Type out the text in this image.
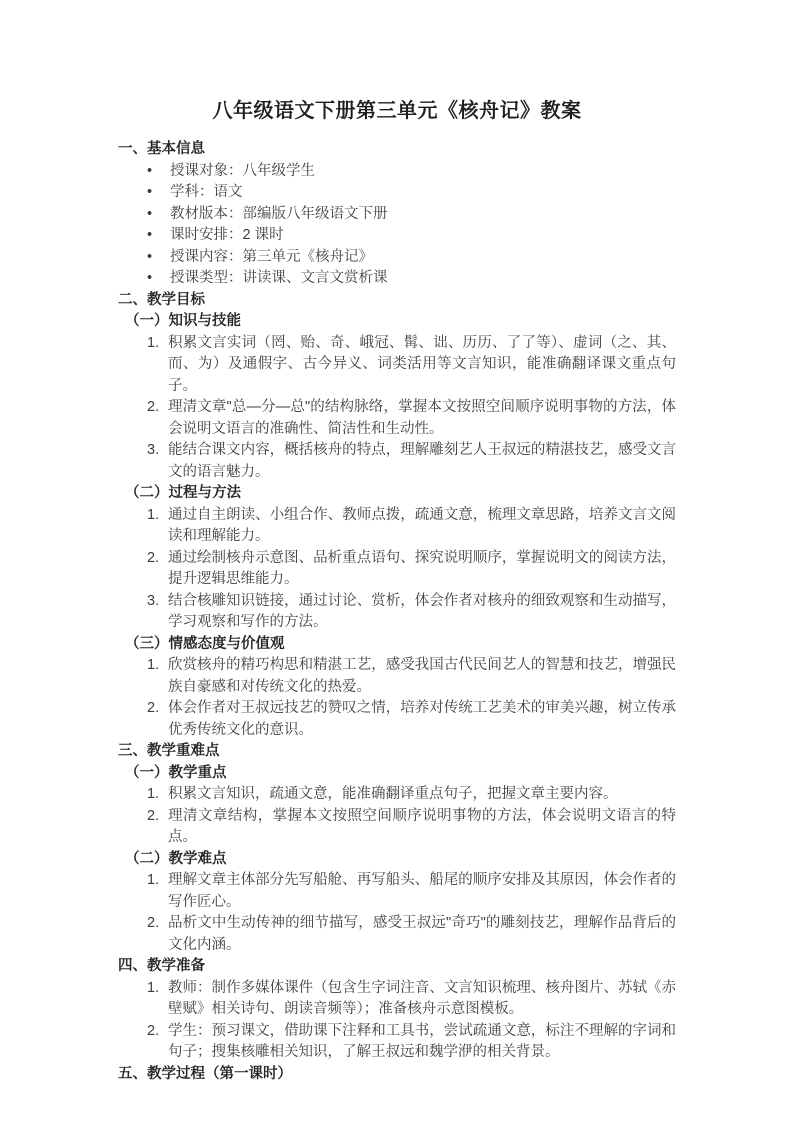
八年级语文下册第三单元《核舟记》教案
一、基本信息
•	授课对象：八年级学生
•	学科：语文
•	教材版本：部编版八年级语文下册
•	课时安排：2 课时
•	授课内容：第三单元《核舟记》
•	授课类型：讲读课、文言文赏析课
二、教学目标
（一）知识与技能
1. 积累文言实词（罔、贻、奇、峨冠、髯、诎、历历、了了等）、虚词（之、其、而、为）及通假字、古今异义、词类活用等文言知识，能准确翻译课文重点句子。
2. 理清文章"总—分—总"的结构脉络，掌握本文按照空间顺序说明事物的方法，体会说明文语言的准确性、简洁性和生动性。
3. 能结合课文内容，概括核舟的特点，理解雕刻艺人王叔远的精湛技艺，感受文言文的语言魅力。
（二）过程与方法
1. 通过自主朗读、小组合作、教师点拨，疏通文意，梳理文章思路，培养文言文阅读和理解能力。
2. 通过绘制核舟示意图、品析重点语句、探究说明顺序，掌握说明文的阅读方法，提升逻辑思维能力。
3. 结合核雕知识链接，通过讨论、赏析，体会作者对核舟的细致观察和生动描写，学习观察和写作的方法。
（三）情感态度与价值观
1. 欣赏核舟的精巧构思和精湛工艺，感受我国古代民间艺人的智慧和技艺，增强民族自豪感和对传统文化的热爱。
2. 体会作者对王叔远技艺的赞叹之情，培养对传统工艺美术的审美兴趣，树立传承优秀传统文化的意识。
三、教学重难点
（一）教学重点
1. 积累文言知识，疏通文意，能准确翻译重点句子，把握文章主要内容。
2. 理清文章结构，掌握本文按照空间顺序说明事物的方法，体会说明文语言的特点。
（二）教学难点
1. 理解文章主体部分先写船舱、再写船头、船尾的顺序安排及其原因，体会作者的写作匠心。
2. 品析文中生动传神的细节描写，感受王叔远"奇巧"的雕刻技艺，理解作品背后的文化内涵。
四、教学准备
1. 教师：制作多媒体课件（包含生字词注音、文言知识梳理、核舟图片、苏轼《赤壁赋》相关诗句、朗读音频等）；准备核舟示意图模板。
2. 学生：预习课文，借助课下注释和工具书，尝试疏通文意，标注不理解的字词和句子；搜集核雕相关知识，了解王叔远和魏学洢的相关背景。
五、教学过程（第一课时）
